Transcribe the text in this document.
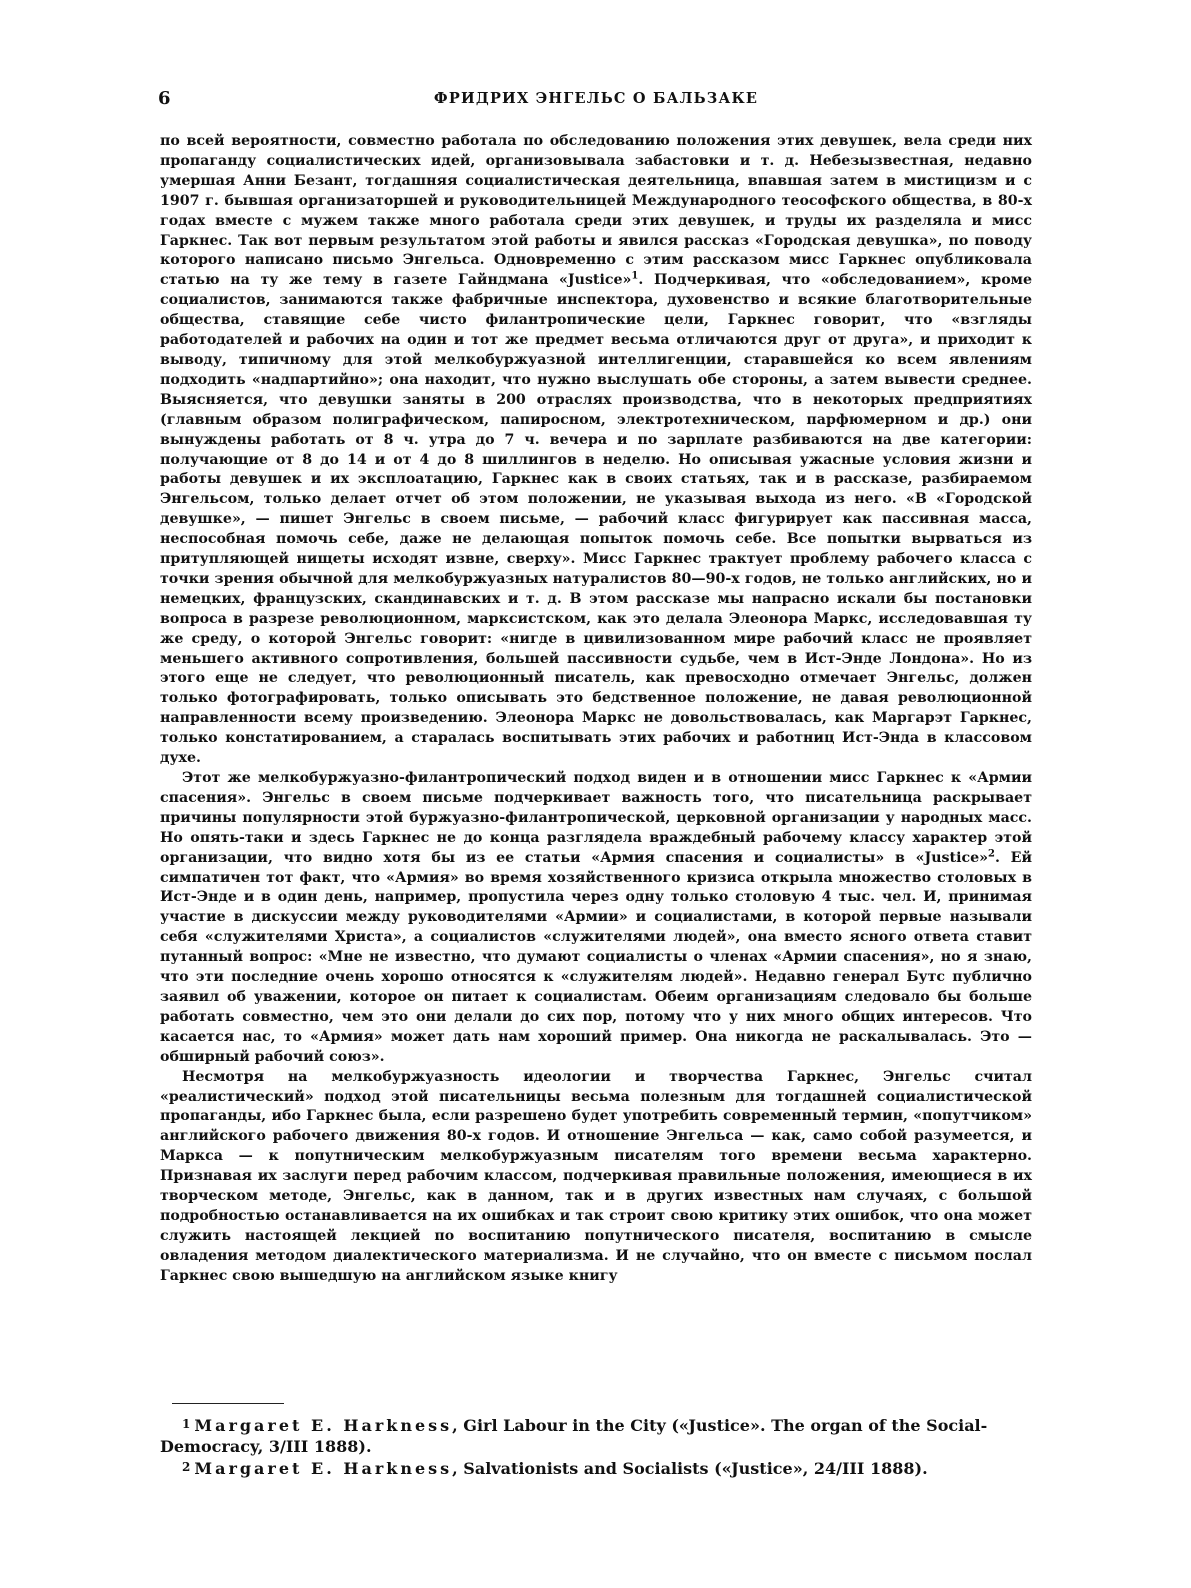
6	ФРИДРИХ ЭНГЕЛЬС О БАЛЬЗАКЕ

по всей вероятности, совместно работала по обследованию положения этих девушек, вела среди них пропаганду социалистических идей, организовывала забастовки и т. д. Небезызвестная, недавно умершая Анни Безант, тогдашняя социалистическая деятельница, впавшая затем в мистицизм и с 1907 г. бывшая организаторшей и руководительницей Международного теософского общества, в 80-х годах вместе с мужем также много работала среди этих девушек, и труды их разделяла и мисс Гаркнес. Так вот первым результатом этой работы и явился рассказ «Городская девушка», по поводу которого написано письмо Энгельса. Одновременно с этим рассказом мисс Гаркнес опубликовала статью на ту же тему в газете Гайндмана «Justice»$^1$. Подчеркивая, что «обследованием», кроме социалистов, занимаются также фабричные инспектора, духовенство и всякие благотворительные общества, ставящие себе чисто филантропические цели, Гаркнес говорит, что «взгляды работодателей и рабочих на один и тот же предмет весьма отличаются друг от друга», и приходит к выводу, типичному для этой мелкобуржуазной интеллигенции, старавшейся ко всем явлениям подходить «надпартийно»; она находит, что нужно выслушать обе стороны, а затем вывести среднее. Выясняется, что девушки заняты в 200 отраслях производства, что в некоторых предприятиях (главным образом полиграфическом, папиросном, электротехническом, парфюмерном и др.) они вынуждены работать от 8 ч. утра до 7 ч. вечера и по зарплате разбиваются на две категории: получающие от 8 до 14 и от 4 до 8 шиллингов в неделю. Но описывая ужасные условия жизни и работы девушек и их эксплоатацию, Гаркнес как в своих статьях, так и в рассказе, разбираемом Энгельсом, только делает отчет об этом положении, не указывая выхода из него. «В «Городской девушке», — пишет Энгельс в своем письме, — рабочий класс фигурирует как пассивная масса, неспособная помочь себе, даже не делающая попыток помочь себе. Все попытки вырваться из притупляющей нищеты исходят извне, сверху». Мисс Гаркнес трактует проблему рабочего класса с точки зрения обычной для мелкобуржуазных натуралистов 80—90-х годов, не только английских, но и немецких, французских, скандинавских и т. д. В этом рассказе мы напрасно искали бы постановки вопроса в разрезе революционном, марксистском, как это делала Элеонора Маркс, исследовавшая ту же среду, о которой Энгельс говорит: «нигде в цивилизованном мире рабочий класс не проявляет меньшего активного сопротивления, большей пассивности судьбе, чем в Ист-Энде Лондона». Но из этого еще не следует, что революционный писатель, как превосходно отмечает Энгельс, должен только фотографировать, только описывать это бедственное положение, не давая революционной направленности всему произведению. Элеонора Маркс не довольствовалась, как Маргарэт Гаркнес, только констатированием, а старалась воспитывать этих рабочих и работниц Ист-Энда в классовом духе.

Этот же мелкобуржуазно-филантропический подход виден и в отношении мисс Гаркнес к «Армии спасения». Энгельс в своем письме подчеркивает важность того, что писательница раскрывает причины популярности этой буржуазно-филантропической, церковной организации у народных масс. Но опять-таки и здесь Гаркнес не до конца разглядела враждебный рабочему классу характер этой организации, что видно хотя бы из ее статьи «Армия спасения и социалисты» в «Justice»$^2$. Ей симпатичен тот факт, что «Армия» во время хозяйственного кризиса открыла множество столовых в Ист-Энде и в один день, например, пропустила через одну только столовую 4 тыс. чел. И, принимая участие в дискуссии между руководителями «Армии» и социалистами, в которой первые называли себя «служителями Христа», а социалистов «служителями людей», она вместо ясного ответа ставит путанный вопрос: «Мне не известно, что думают социалисты о членах «Армии спасения», но я знаю, что эти последние очень хорошо относятся к «служителям людей». Недавно генерал Бутс публично заявил об уважении, которое он питает к социалистам. Обеим организациям следовало бы больше работать совместно, чем это они делали до сих пор, потому что у них много общих интересов. Что касается нас, то «Армия» может дать нам хороший пример. Она никогда не раскалывалась. Это — обширный рабочий союз».

Несмотря на мелкобуржуазность идеологии и творчества Гаркнес, Энгельс считал «реалистический» подход этой писательницы весьма полезным для тогдашней социалистической пропаганды, ибо Гаркнес была, если разрешено будет употребить современный термин, «попутчиком» английского рабочего движения 80-х годов. И отношение Энгельса — как, само собой разумеется, и Маркса — к попутническим мелкобуржуазным писателям того времени весьма характерно. Признавая их заслуги перед рабочим классом, подчеркивая правильные положения, имеющиеся в их творческом методе, Энгельс, как в данном, так и в других известных нам случаях, с большой подробностью останавливается на их ошибках и так строит свою критику этих ошибок, что она может служить настоящей лекцией по воспитанию попутнического писателя, воспитанию в смысле овладения методом диалектического материализма. И не случайно, что он вместе с письмом послал Гаркнес свою вышедшую на английском языке книгу

1 Margaret E. Harkness, Girl Labour in the City («Justice». The organ of the Social-Democracy, 3/III 1888).

2 Margaret E. Harkness, Salvationists and Socialists («Justice», 24/III 1888).
